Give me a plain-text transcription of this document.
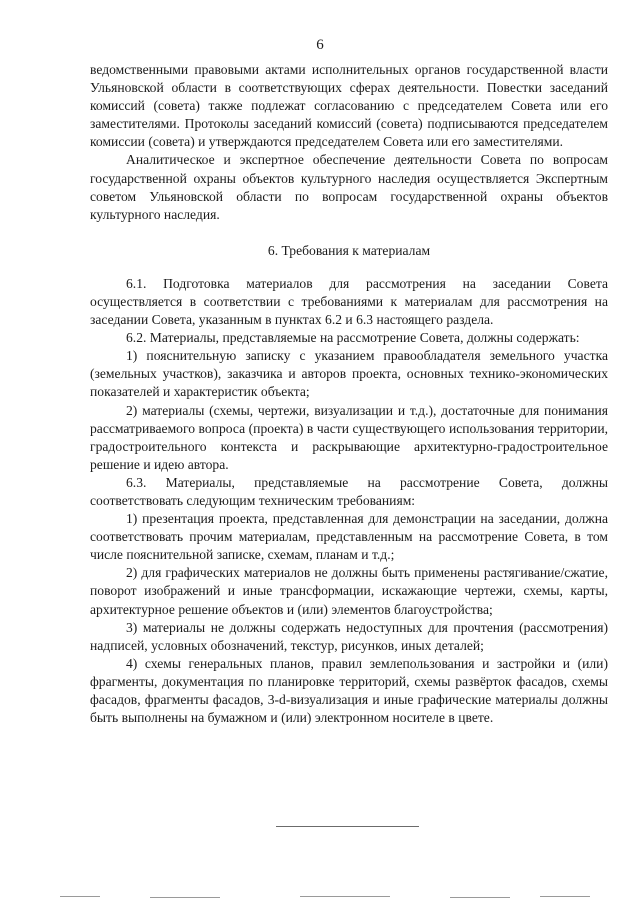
6

ведомственными правовыми актами исполнительных органов государственной власти Ульяновской области в соответствующих сферах деятельности. Повестки заседаний комиссий (совета) также подлежат согласованию с председателем Совета или его заместителями. Протоколы заседаний комиссий (совета) подписываются председателем комиссии (совета) и утверждаются председателем Совета или его заместителями.

Аналитическое и экспертное обеспечение деятельности Совета по вопросам государственной охраны объектов культурного наследия осуществляется Экспертным советом Ульяновской области по вопросам государственной охраны объектов культурного наследия.

6. Требования к материалам

6.1. Подготовка материалов для рассмотрения на заседании Совета осуществляется в соответствии с требованиями к материалам для рассмотрения на заседании Совета, указанным в пунктах 6.2 и 6.3 настоящего раздела.

6.2. Материалы, представляемые на рассмотрение Совета, должны содержать:

1) пояснительную записку с указанием правообладателя земельного участка (земельных участков), заказчика и авторов проекта, основных технико-экономических показателей и характеристик объекта;

2) материалы (схемы, чертежи, визуализации и т.д.), достаточные для понимания рассматриваемого вопроса (проекта) в части существующего использования территории, градостроительного контекста и раскрывающие архитектурно-градостроительное решение и идею автора.

6.3. Материалы, представляемые на рассмотрение Совета, должны соответствовать следующим техническим требованиям:

1) презентация проекта, представленная для демонстрации на заседании, должна соответствовать прочим материалам, представленным на рассмотрение Совета, в том числе пояснительной записке, схемам, планам и т.д.;

2) для графических материалов не должны быть применены растягивание/сжатие, поворот изображений и иные трансформации, искажающие чертежи, схемы, карты, архитектурное решение объектов и (или) элементов благоустройства;

3) материалы не должны содержать недоступных для прочтения (рассмотрения) надписей, условных обозначений, текстур, рисунков, иных деталей;

4) схемы генеральных планов, правил землепользования и застройки и (или) фрагменты, документация по планировке территорий, схемы развёрток фасадов, схемы фасадов, фрагменты фасадов, 3-d-визуализация и иные графические материалы должны быть выполнены на бумажном и (или) электронном носителе в цвете.
